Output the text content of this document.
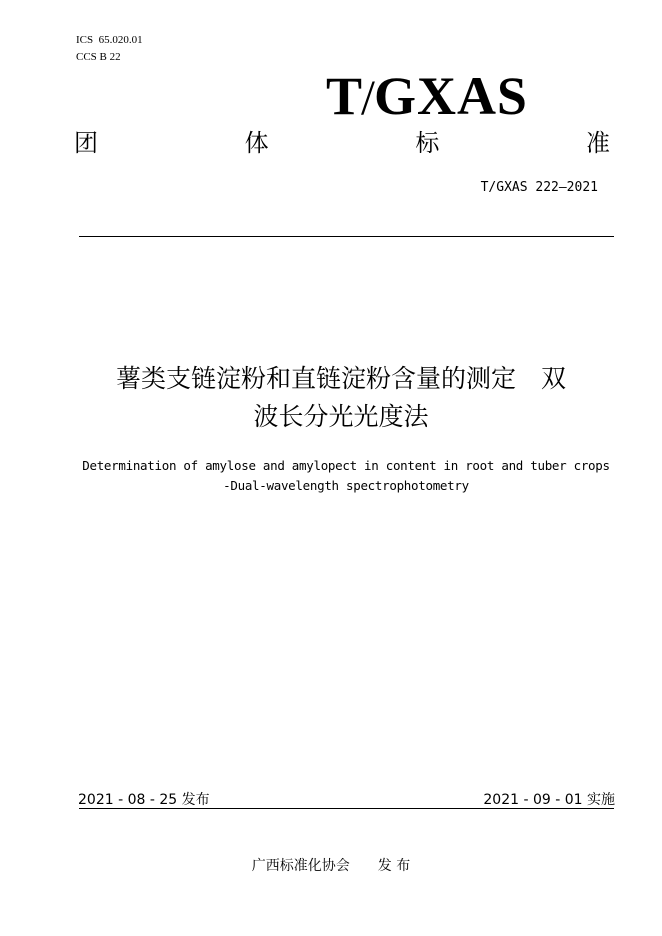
ICS  65.020.01
CCS B 22
T/GXAS
团	体	标	准
T/GXAS 222—2021
薯类支链淀粉和直链淀粉含量的测定　双
波长分光光度法
Determination of amylose and amylopect in content in root and tuber crops
-Dual-wavelength spectrophotometry
2021 - 08 - 25 发布	2021 - 09 - 01 实施
广西标准化协会　　发 布
